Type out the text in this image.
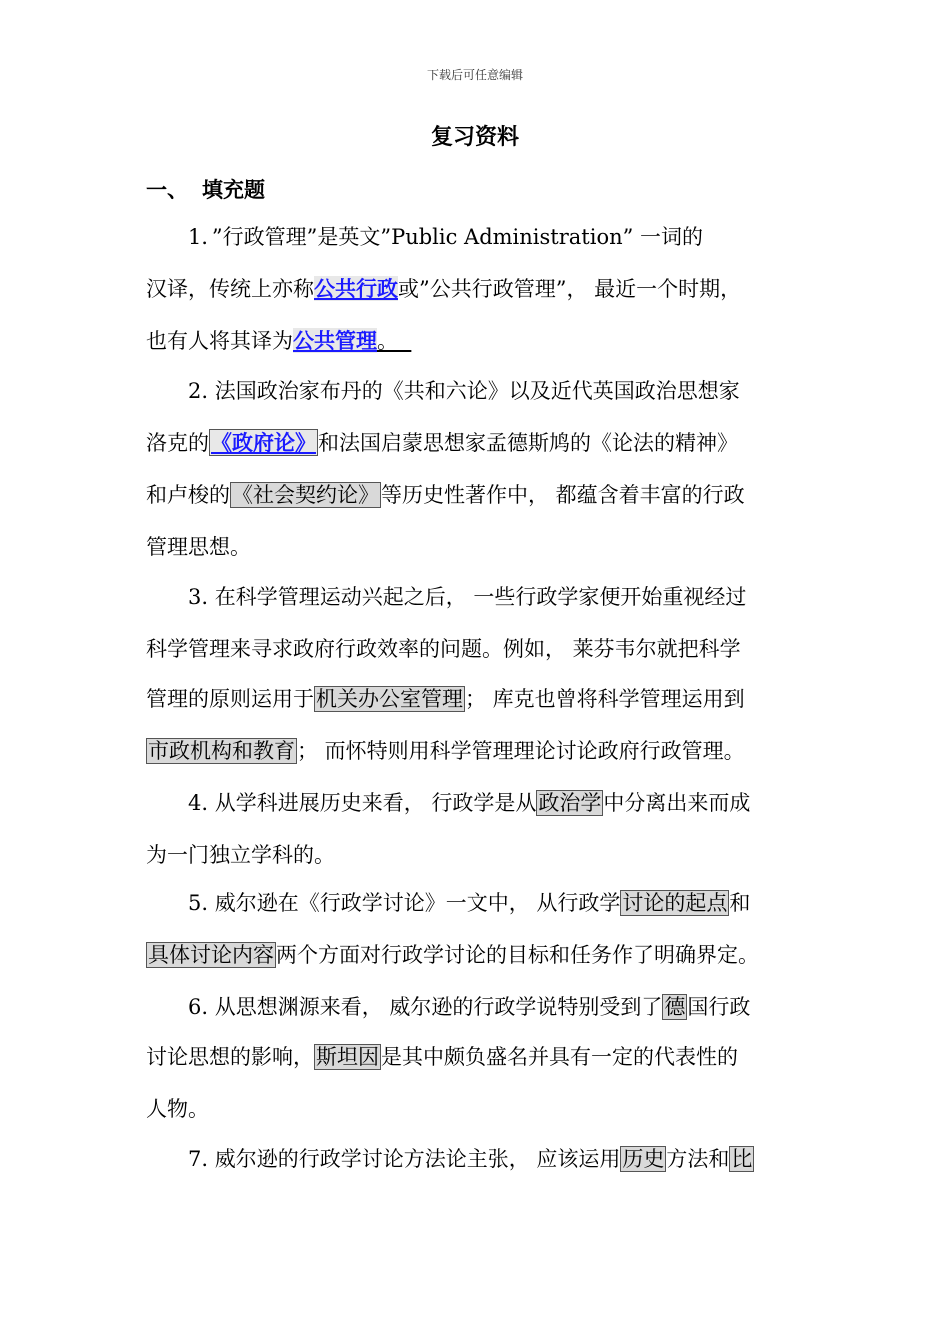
下载后可任意编辑
复习资料
一、 填充题
1．”行政管理”是英文”Public Administration” 一词的
汉译，传统上亦称公共行政或”公共行政管理”， 最近一个时期，
也有人将其译为公共管理。
2. 法国政治家布丹的《共和六论》以及近代英国政治思想家
洛克的《政府论》和法国启蒙思想家孟德斯鸠的《论法的精神》
和卢梭的《社会契约论》等历史性著作中， 都蕴含着丰富的行政
管理思想。
3. 在科学管理运动兴起之后， 一些行政学家便开始重视经过
科学管理来寻求政府行政效率的问题。例如， 莱芬韦尔就把科学
管理的原则运用于机关办公室管理； 库克也曾将科学管理运用到
市政机构和教育； 而怀特则用科学管理理论讨论政府行政管理。
4. 从学科进展历史来看， 行政学是从政治学中分离出来而成
为一门独立学科的。
5. 威尔逊在《行政学讨论》一文中， 从行政学讨论的起点和
具体讨论内容两个方面对行政学讨论的目标和任务作了明确界定。
6. 从思想渊源来看， 威尔逊的行政学说特别受到了德国行政
讨论思想的影响，斯坦因是其中颇负盛名并具有一定的代表性的
人物。
7. 威尔逊的行政学讨论方法论主张， 应该运用历史方法和比
